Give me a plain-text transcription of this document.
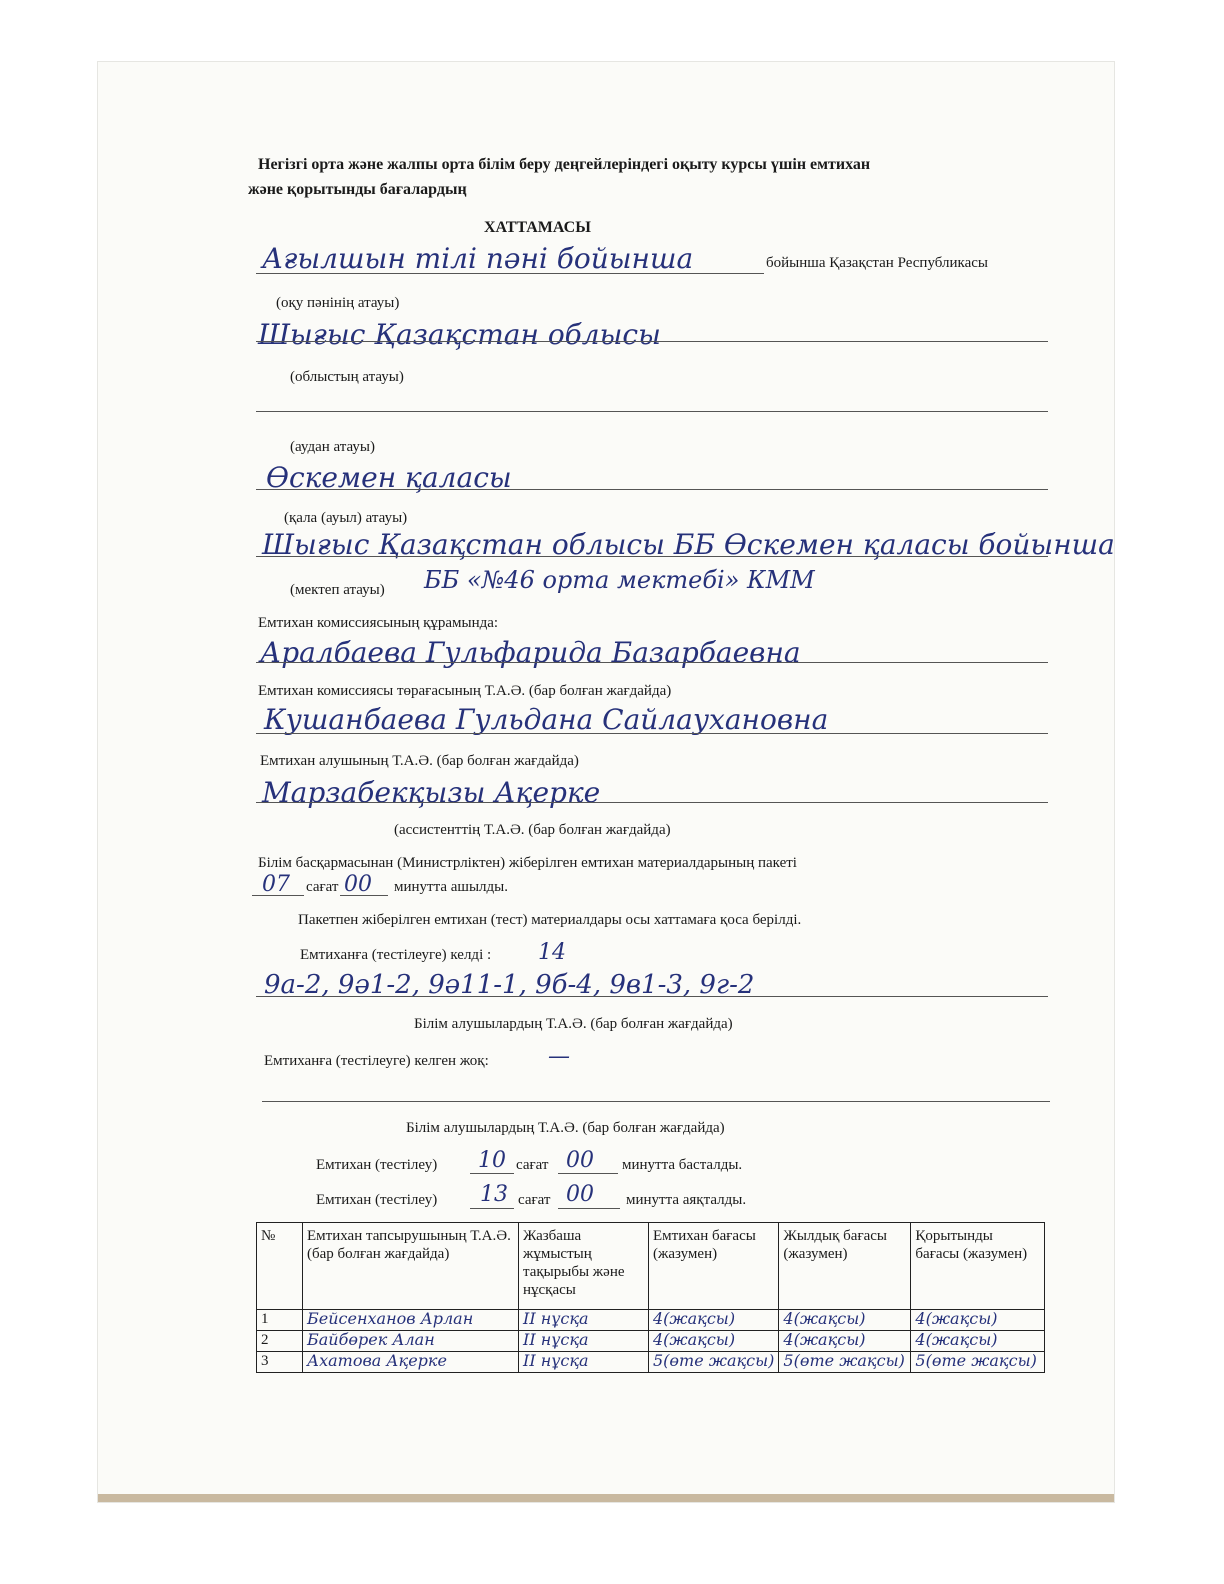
Негізгі орта және жалпы орта білім беру деңгейлеріндегі оқыту курсы үшін емтихан
және қорытынды бағалардың
ХАТТАМАСЫ
Ағылшын тілі пәні бойынша	бойынша Қазақстан Республикасы
(оқу пәнінің атауы)
Шығыс Қазақстан облысы
(облыстың атауы)
(аудан атауы)
Өскемен қаласы
(қала (ауыл) атауы)
Шығыс Қазақстан облысы ББ Өскемен қаласы бойынша
(мектеп атауы) ББ «№46 орта мектебі» КММ
Емтихан комиссиясының құрамында:
Аралбаева Гульфарида Базарбаевна
Емтихан комиссиясы төрағасының Т.А.Ә. (бар болған жағдайда)
Кушанбаева Гульдана Сайлаухановна
Емтихан алушының Т.А.Ә. (бар болған жағдайда)
Марзабекқызы Ақерке
(ассистенттің Т.А.Ә. (бар болған жағдайда)
Білім басқармасынан (Министрліктен) жіберілген емтихан материалдарының пакеті
07 сағат 00 минутта ашылды.
Пакетпен жіберілген емтихан (тест) материалдары осы хаттамаға қоса берілді.
Емтиханға (тестілеуге) келді : 14
9a-2, 9ә1-2, 9ә11-1, 9б-4, 9в1-3, 9г-2
Білім алушылардың Т.А.Ә. (бар болған жағдайда)
Емтиханға (тестілеуге) келген жоқ:	—
Білім алушылардың Т.А.Ә. (бар болған жағдайда)
Емтихан (тестілеу) 10 сағат 00 минутта басталды.
Емтихан (тестілеу) 13 сағат 00 минутта аяқталды.
№	Емтихан тапсырушының Т.А.Ә. (бар болған жағдайда)	Жазбаша жұмыстың тақырыбы және нұсқасы	Емтихан бағасы (жазумен)	Жылдық бағасы (жазумен)	Қорытынды бағасы (жазумен)
1	Бейсенханов Арлан	II нұсқа	4(жақсы)	4(жақсы)	4(жақсы)
2	Байбөрек Алан	II нұсқа	4(жақсы)	4(жақсы)	4(жақсы)
3	Ахатова Ақерке	II нұсқа	5(өте жақсы)	5(өте жақсы)	5(өте жақсы)
